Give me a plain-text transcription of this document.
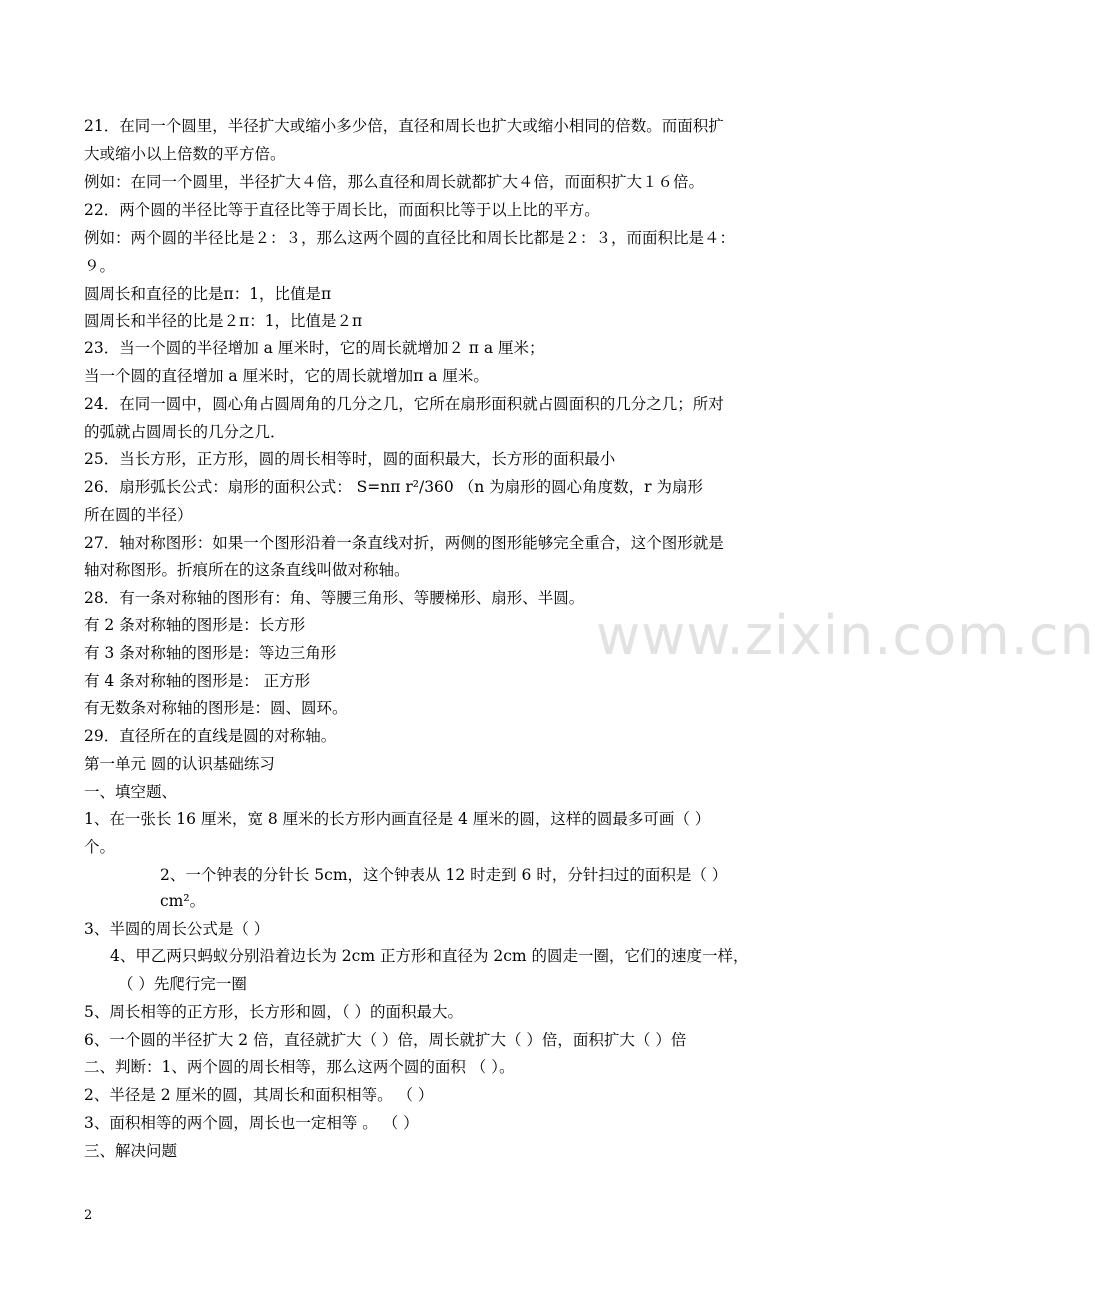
21．在同一个圆里，半径扩大或缩小多少倍，直径和周长也扩大或缩小相同的倍数。而面积扩
大或缩小以上倍数的平方倍。
例如：在同一个圆里，半径扩大４倍，那么直径和周长就都扩大４倍，而面积扩大１６倍。
22．两个圆的半径比等于直径比等于周长比，而面积比等于以上比的平方。
例如：两个圆的半径比是２：３，那么这两个圆的直径比和周长比都是２：３，而面积比是４：
９。
圆周长和直径的比是π：1，比值是π
圆周长和半径的比是２π：1，比值是２π
23．当一个圆的半径增加 a 厘米时，它的周长就增加２ π a 厘米；
当一个圆的直径增加 a 厘米时，它的周长就增加π a 厘米。
24．在同一圆中，圆心角占圆周角的几分之几，它所在扇形面积就占圆面积的几分之几；所对
的弧就占圆周长的几分之几．
25．当长方形，正方形，圆的周长相等时，圆的面积最大，长方形的面积最小
26．扇形弧长公式：扇形的面积公式： S=nπ r²/360 （n 为扇形的圆心角度数，r 为扇形
所在圆的半径）
27．轴对称图形：如果一个图形沿着一条直线对折，两侧的图形能够完全重合，这个图形就是
轴对称图形。折痕所在的这条直线叫做对称轴。
28．有一条对称轴的图形有：角、等腰三角形、等腰梯形、扇形、半圆。
有 2 条对称轴的图形是：长方形
有 3 条对称轴的图形是：等边三角形
有 4 条对称轴的图形是： 正方形
有无数条对称轴的图形是：圆、圆环。
29．直径所在的直线是圆的对称轴。
第一单元 圆的认识基础练习
一、填空题、
1、在一张长 16 厘米，宽 8 厘米的长方形内画直径是 4 厘米的圆，这样的圆最多可画（ ）
个。
2、一个钟表的分针长 5cm，这个钟表从 12 时走到 6 时，分针扫过的面积是（ ）
cm²。
3、半圆的周长公式是（ ）
4、甲乙两只蚂蚁分别沿着边长为 2cm 正方形和直径为 2cm 的圆走一圈，它们的速度一样，
（ ）先爬行完一圈
5、周长相等的正方形，长方形和圆，（ ）的面积最大。
6、一个圆的半径扩大 2 倍，直径就扩大（ ）倍，周长就扩大（ ）倍，面积扩大（ ）倍
二、判断：1、两个圆的周长相等，那么这两个圆的面积 （ ）。
2、半径是 2 厘米的圆，其周长和面积相等。 （ ）
3、面积相等的两个圆，周长也一定相等 。 （ ）
三、解决问题
www.zixin.com.cn
2
